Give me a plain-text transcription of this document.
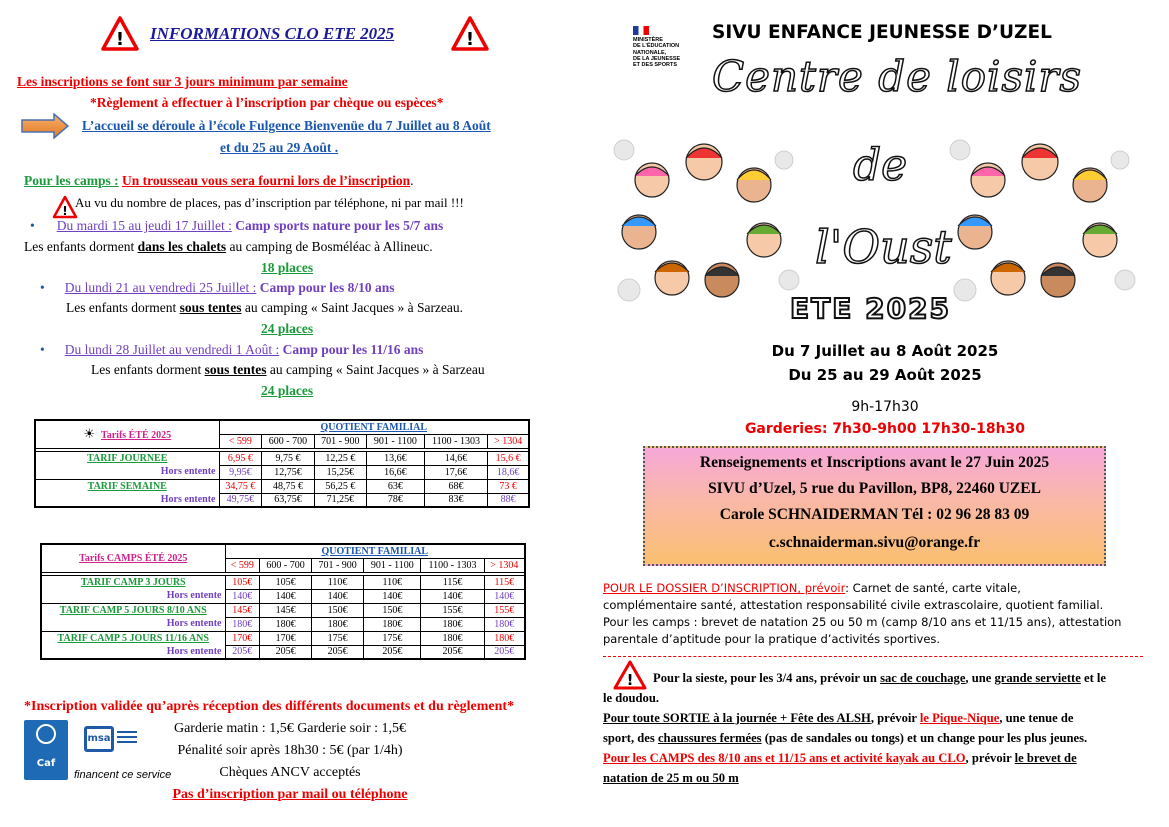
!	!
INFORMATIONS CLO ETE 2025
Les inscriptions se font sur 3 jours minimum par semaine
*Règlement à effectuer à l’inscription par chèque ou espèces*
L’accueil se déroule à l’école Fulgence Bienvenüe du 7 Juillet au 8 Août
et du 25 au 29 Août .
Pour les camps : Un trousseau vous sera fourni lors de l’inscription.
!
Au vu du nombre de places, pas d’inscription par téléphone, ni par mail !!!
• Du mardi 15 au jeudi 17 Juillet : Camp sports nature pour les 5/7 ans
Les enfants dorment dans les chalets au camping de Bosméléac à Allineuc.
18 places
• Du lundi 21 au vendredi 25 Juillet : Camp pour les 8/10 ans
Les enfants dorment sous tentes au camping « Saint Jacques » à Sarzeau.
24 places
• Du lundi 28 Juillet au vendredi 1 Août : Camp pour les 11/16 ans
Les enfants dorment sous tentes au camping « Saint Jacques » à Sarzeau
24 places
☀ Tarifs ÉTÉ 2025	QUOTIENT FAMILIAL					
	< 599	600 - 700	701 - 900	901 - 1100	1100 - 1303	> 1304

TARIF JOURNEE	6,95 €	9,75 €	12,25 €	13,6€	14,6€	15,6 €
Hors entente	9,95€	12,75€	15,25€	16,6€	17,6€	18,6€
TARIF SEMAINE	34,75 €	48,75 €	56,25 €	63€	68€	73 €
Hors entente	49,75€	63,75€	71,25€	78€	83€	88€
Tarifs CAMPS ÉTÉ 2025	QUOTIENT FAMILIAL					
	< 599	600 - 700	701 - 900	901 - 1100	1100 - 1303	> 1304

TARIF CAMP 3 JOURS	105€	105€	110€	110€	115€	115€
Hors entente	140€	140€	140€	140€	140€	140€
TARIF CAMP 5 JOURS 8/10 ANS	145€	145€	150€	150€	155€	155€
Hors entente	180€	180€	180€	180€	180€	180€
TARIF CAMP 5 JOURS 11/16 ANS	170€	170€	175€	175€	180€	180€
Hors entente	205€	205€	205€	205€	205€	205€
*Inscription validée qu’après réception des différents documents et du règlement*
Caf
msa
financent ce service
Garderie matin : 1,5€ Garderie soir : 1,5€
Pénalité soir après 18h30 : 5€ (par 1/4h)
Chèques ANCV acceptés
Pas d’inscription par mail ou téléphone
MINISTÈRE
DE L'ÉDUCATION
NATIONALE,
DE LA JEUNESSE
ET DES SPORTS
SIVU ENFANCE JEUNESSE D’UZEL
Centre de loisirs
de
l'Oust
ETE 2025
Du 7 Juillet au 8 Août 2025
Du 25 au 29 Août 2025
9h-17h30
Garderies: 7h30-9h00 17h30-18h30
Renseignements et Inscriptions avant le 27 Juin 2025
SIVU d’Uzel, 5 rue du Pavillon, BP8, 22460 UZEL
Carole SCHNAIDERMAN Tél : 02 96 28 83 09
c.schnaiderman.sivu@orange.fr
POUR LE DOSSIER D’INSCRIPTION, prévoir: Carnet de santé, carte vitale,
complémentaire santé, attestation responsabilité civile extrascolaire, quotient familial.
Pour les camps : brevet de natation 25 ou 50 m (camp 8/10 ans et 11/15 ans), attestation
parentale d’aptitude pour la pratique d’activités sportives.
!	Pour la sieste, pour les 3/4 ans, prévoir un sac de couchage, une grande serviette et le
le doudou.
Pour toute SORTIE à la journée + Fête des ALSH, prévoir le Pique-Nique, une tenue de
sport, des chaussures fermées (pas de sandales ou tongs) et un change pour les plus jeunes.
Pour les CAMPS des 8/10 ans et 11/15 ans et activité kayak au CLO, prévoir le brevet de
natation de 25 m ou 50 m
